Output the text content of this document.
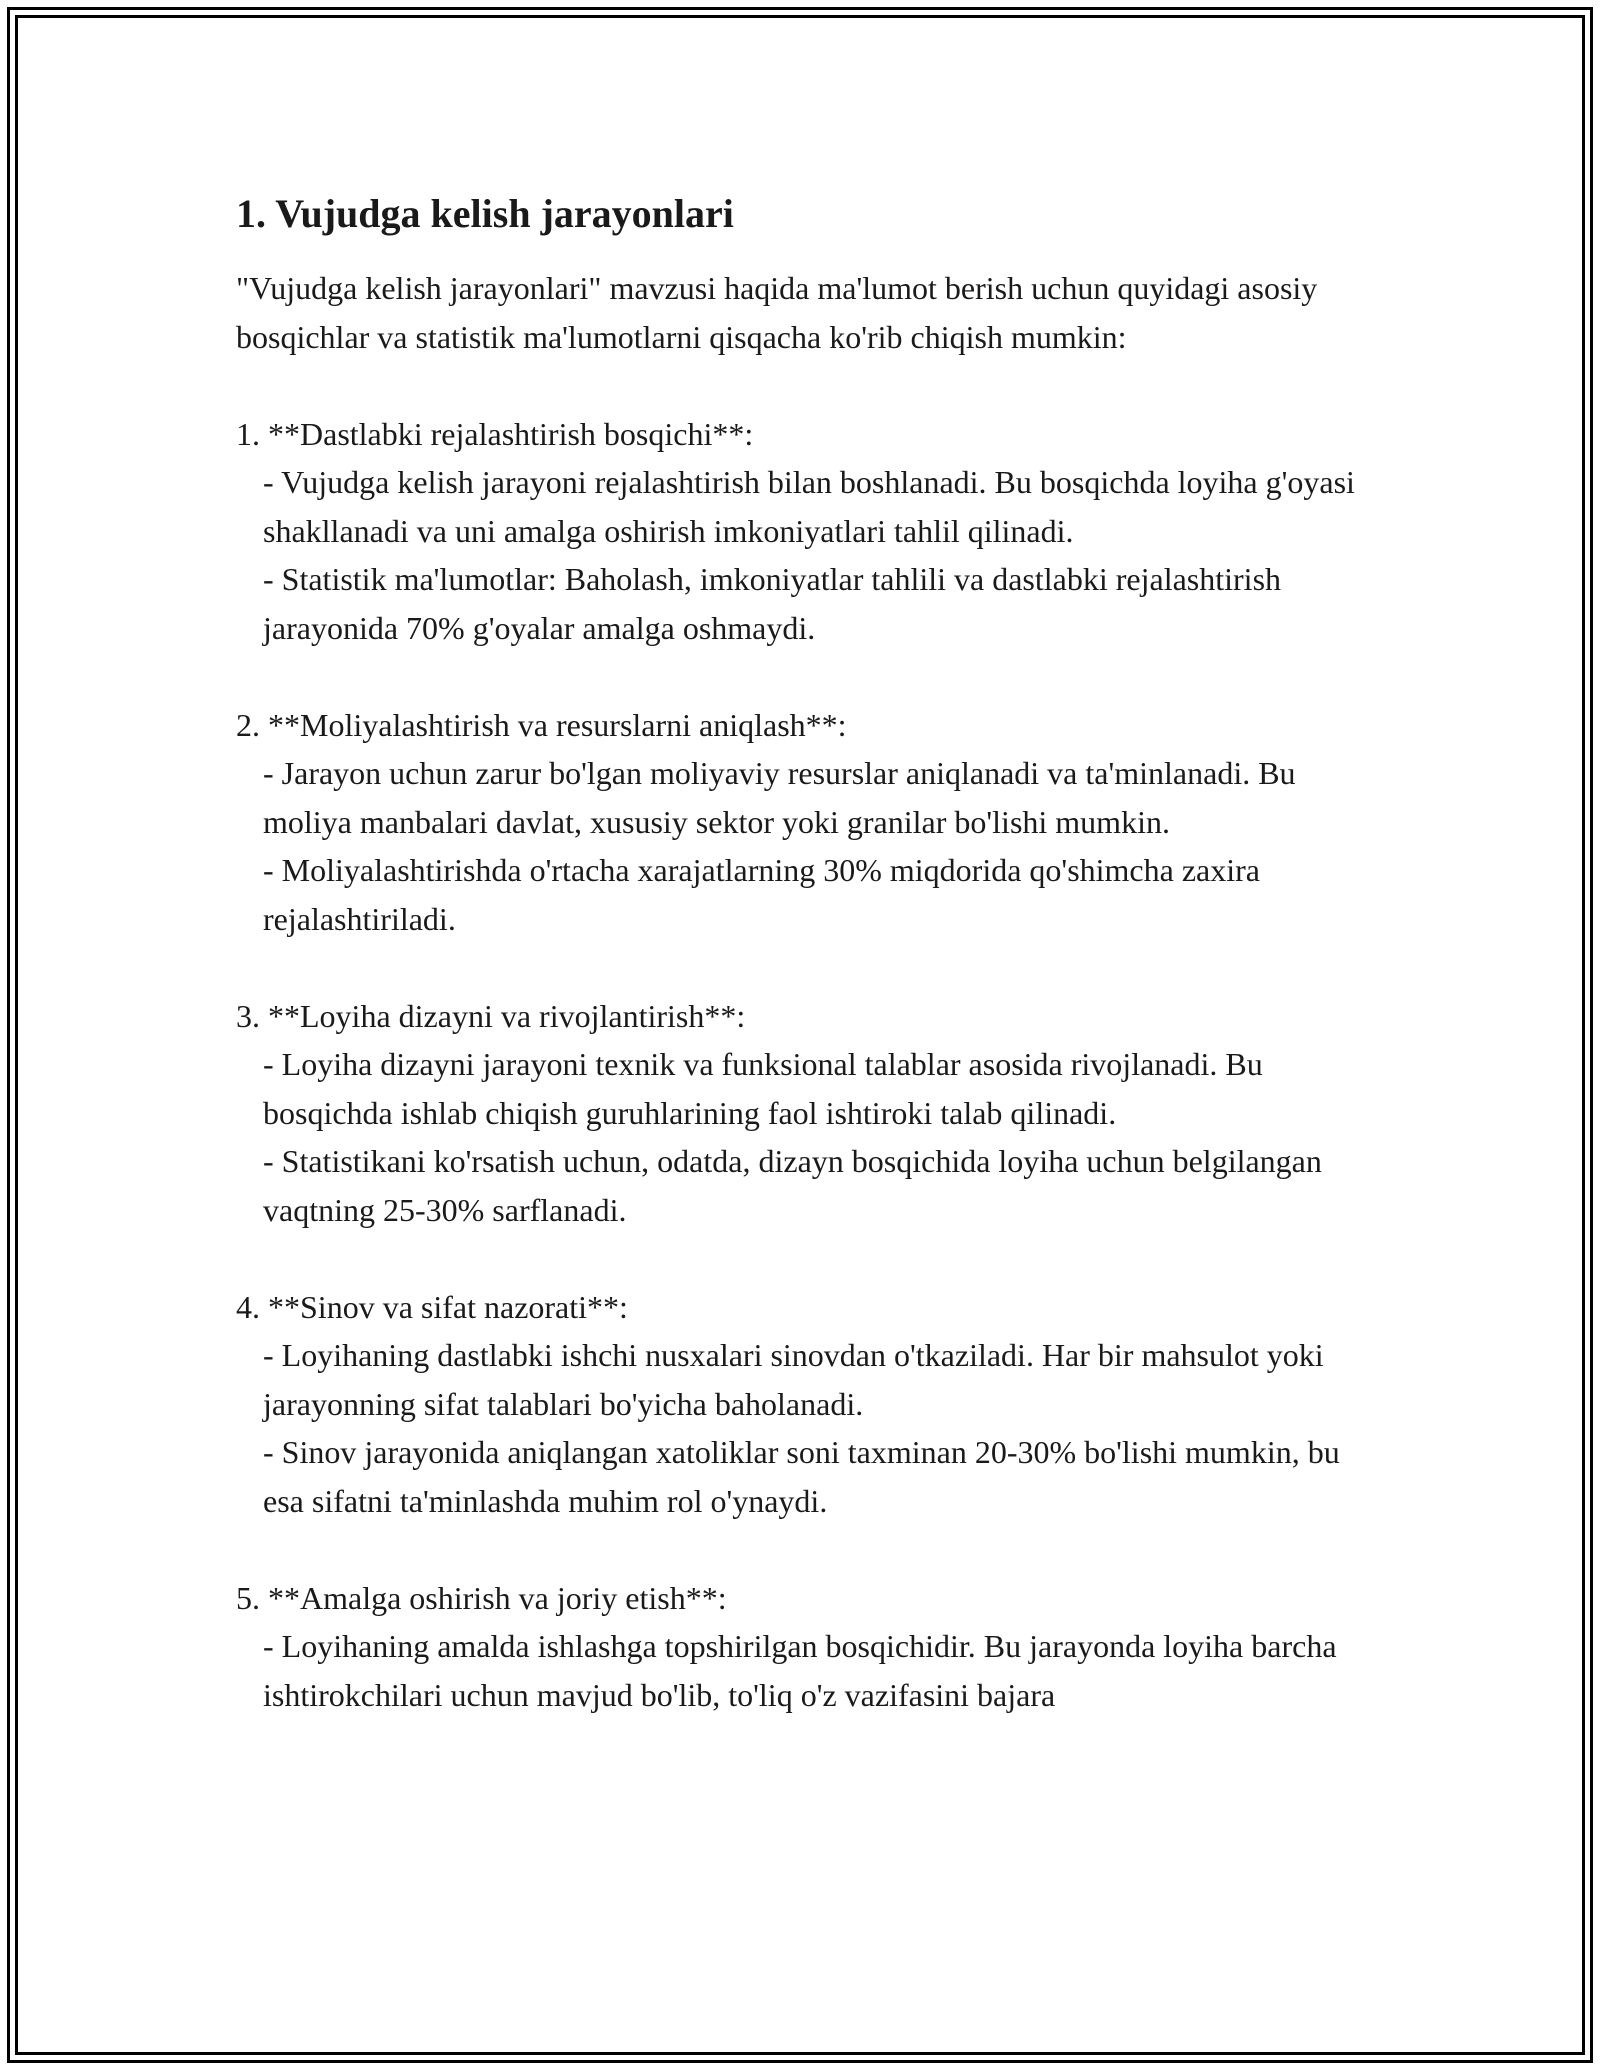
1. Vujudga kelish jarayonlari

"Vujudga kelish jarayonlari" mavzusi haqida ma'lumot berish uchun quyidagi asosiy bosqichlar va statistik ma'lumotlarni qisqacha ko'rib chiqish mumkin:

1. **Dastlabki rejalashtirish bosqichi**:
- Vujudga kelish jarayoni rejalashtirish bilan boshlanadi. Bu bosqichda loyiha g'oyasi shakllanadi va uni amalga oshirish imkoniyatlari tahlil qilinadi.
- Statistik ma'lumotlar: Baholash, imkoniyatlar tahlili va dastlabki rejalashtirish jarayonida 70% g'oyalar amalga oshmaydi.
2. **Moliyalashtirish va resurslarni aniqlash**:
- Jarayon uchun zarur bo'lgan moliyaviy resurslar aniqlanadi va ta'minlanadi. Bu moliya manbalari davlat, xususiy sektor yoki granilar bo'lishi mumkin.
- Moliyalashtirishda o'rtacha xarajatlarning 30% miqdorida qo'shimcha zaxira rejalashtiriladi.
3. **Loyiha dizayni va rivojlantirish**:
- Loyiha dizayni jarayoni texnik va funksional talablar asosida rivojlanadi. Bu bosqichda ishlab chiqish guruhlarining faol ishtiroki talab qilinadi.
- Statistikani ko'rsatish uchun, odatda, dizayn bosqichida loyiha uchun belgilangan vaqtning 25-30% sarflanadi.
4. **Sinov va sifat nazorati**:
- Loyihaning dastlabki ishchi nusxalari sinovdan o'tkaziladi. Har bir mahsulot yoki jarayonning sifat talablari bo'yicha baholanadi.
- Sinov jarayonida aniqlangan xatoliklar soni taxminan 20-30% bo'lishi mumkin, bu esa sifatni ta'minlashda muhim rol o'ynaydi.
5. **Amalga oshirish va joriy etish**:
- Loyihaning amalda ishlashga topshirilgan bosqichidir. Bu jarayonda loyiha barcha ishtirokchilari uchun mavjud bo'lib, to'liq o'z vazifasini bajara
